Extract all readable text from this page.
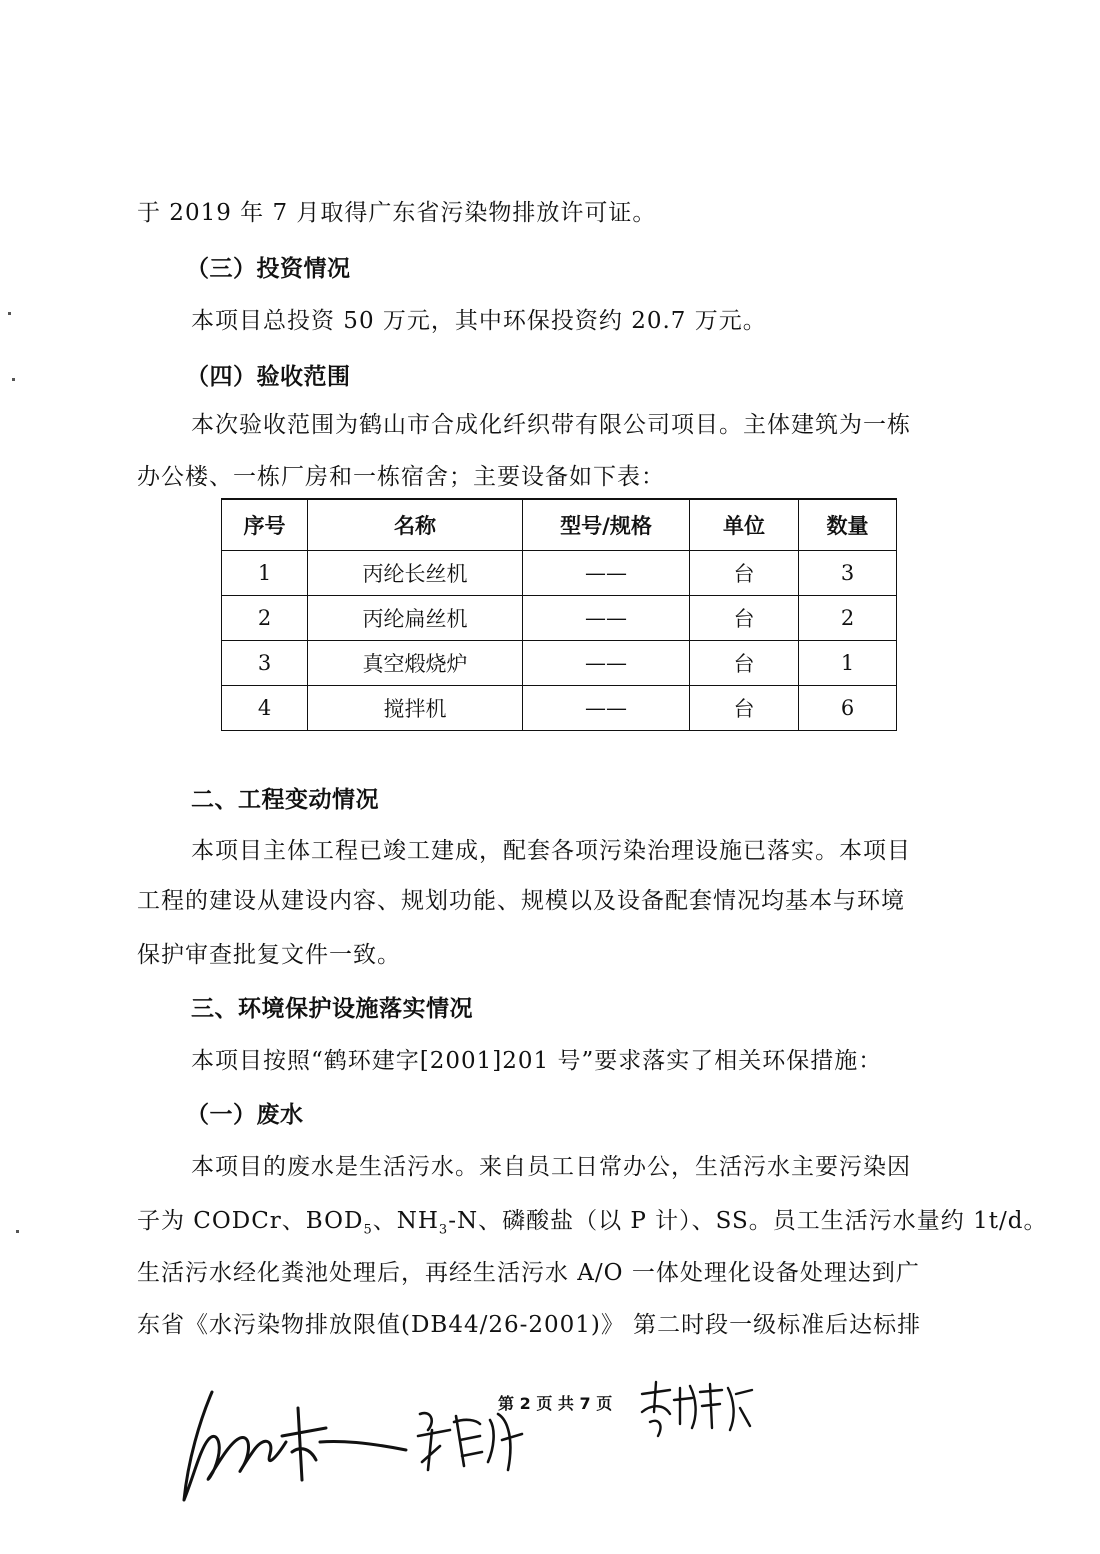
于 2019 年 7 月取得广东省污染物排放许可证。
（三）投资情况
本项目总投资 50 万元，其中环保投资约 20.7 万元。
（四）验收范围
本次验收范围为鹤山市合成化纤织带有限公司项目。主体建筑为一栋
办公楼、一栋厂房和一栋宿舍；主要设备如下表：
序号	名称	型号/规格	单位	数量
1	丙纶长丝机	——	台	3
2	丙纶扁丝机	——	台	2
3	真空煅烧炉	——	台	1
4	搅拌机	——	台	6
二、工程变动情况
本项目主体工程已竣工建成，配套各项污染治理设施已落实。本项目
工程的建设从建设内容、规划功能、规模以及设备配套情况均基本与环境
保护审查批复文件一致。
三、环境保护设施落实情况
本项目按照“鹤环建字[2001]201 号”要求落实了相关环保措施：
（一）废水
本项目的废水是生活污水。来自员工日常办公，生活污水主要污染因
子为 CODCr、$BOD_5$、$NH_3-N$、磷酸盐（以 P 计）、SS。员工生活污水量约 1t/d。
生活污水经化粪池处理后，再经生活污水 A/O 一体处理化设备处理达到广
东省《水污染物排放限值(DB44/26-2001)》 第二时段一级标准后达标排
第 2 页 共 7 页
